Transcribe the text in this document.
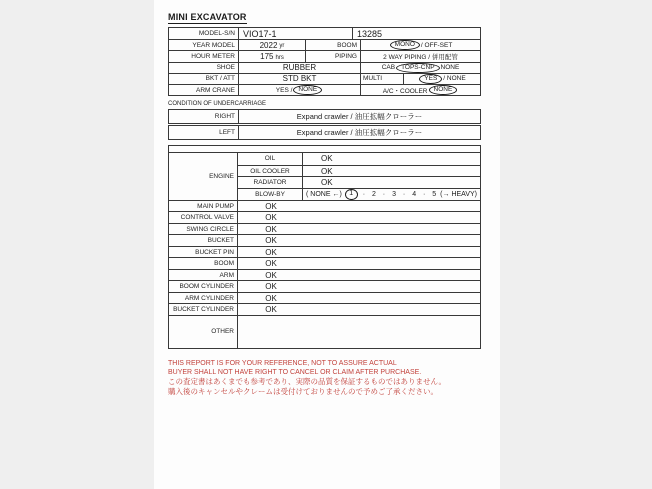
MINI EXCAVATOR
MODEL-S/N VIO17-1	13285
YEAR MODEL	2022 yr	BOOM	MONO / OFF-SET
HOUR METER	175 hrs	PIPING	2 WAY PIPING / 併用配管
SHOE	RUBBER	CAB TOPS-CNP NONE
BKT / ATT	STD BKT	MULTI	YES / NONE
ARM CRANE	YES / NONE	A/C・COOLER NONE
CONDITION OF UNDERCARRIAGE
RIGHT	Expand crawler / 油圧拡幅クローラー
LEFT	Expand crawler / 油圧拡幅クローラー
ENGINE
OIL	OK
OIL COOLER	OK
RADIATOR	OK
BLOW-BY	( NONE ←)	1	· 2 · 3 · 4 · 5 (→ HEAVY)
MAIN PUMP	OK
CONTROL VALVE	OK
SWING CIRCLE	OK
BUCKET	OK
BUCKET PIN	OK
BOOM	OK
ARM	OK
BOOM CYLINDER	OK
ARM CYLINDER	OK
BUCKET CYLINDER	OK
OTHER
THIS REPORT IS FOR YOUR REFERENCE, NOT TO ASSURE ACTUAL
BUYER SHALL NOT HAVE RIGHT TO CANCEL OR CLAIM AFTER PURCHASE.
この査定書はあくまでも参考であり、実際の品質を保証するものではありません。
購入後のキャンセルやクレームは受付けておりませんので予めご了承ください。
